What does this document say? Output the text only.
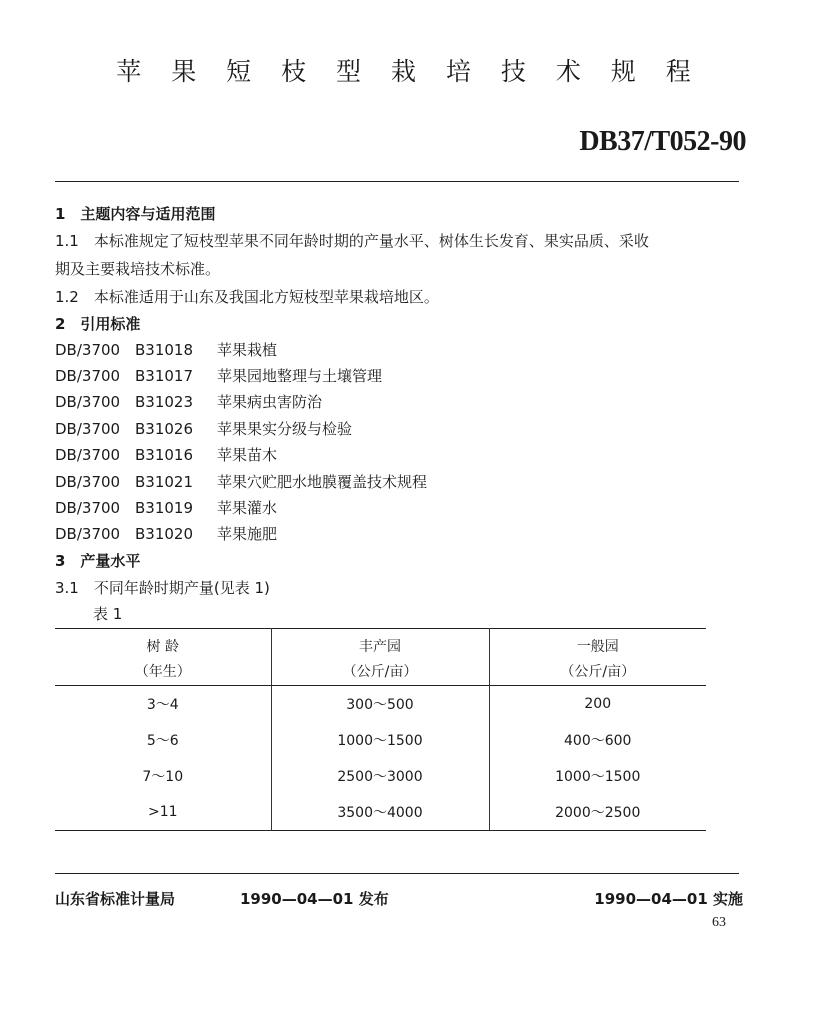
苹 果 短 枝 型 栽 培 技 术 规 程
DB37/T052-90
1　主题内容与适用范围
1.1　本标准规定了短枝型苹果不同年龄时期的产量水平、树体生长发育、果实品质、采收
期及主要栽培技术标准。
1.2　本标准适用于山东及我国北方短枝型苹果栽培地区。
2　引用标准
DB/3700 B31018 苹果栽植
DB/3700 B31017 苹果园地整理与土壤管理
DB/3700 B31023 苹果病虫害防治
DB/3700 B31026 苹果果实分级与检验
DB/3700 B31016 苹果苗木
DB/3700 B31021 苹果穴贮肥水地膜覆盖技术规程
DB/3700 B31019 苹果灌水
DB/3700 B31020 苹果施肥
3　产量水平
3.1　不同年龄时期产量(见表 1)
表 1
树 龄	丰产园	一般园
（年生）	（公斤/亩）	（公斤/亩）
3～4	300～500	200
5～6	1000～1500	400～600
7～10	2500～3000	1000～1500
>11	3500～4000	2000～2500
山东省标准计量局	1990—04—01 发布	1990—04—01 实施
63
